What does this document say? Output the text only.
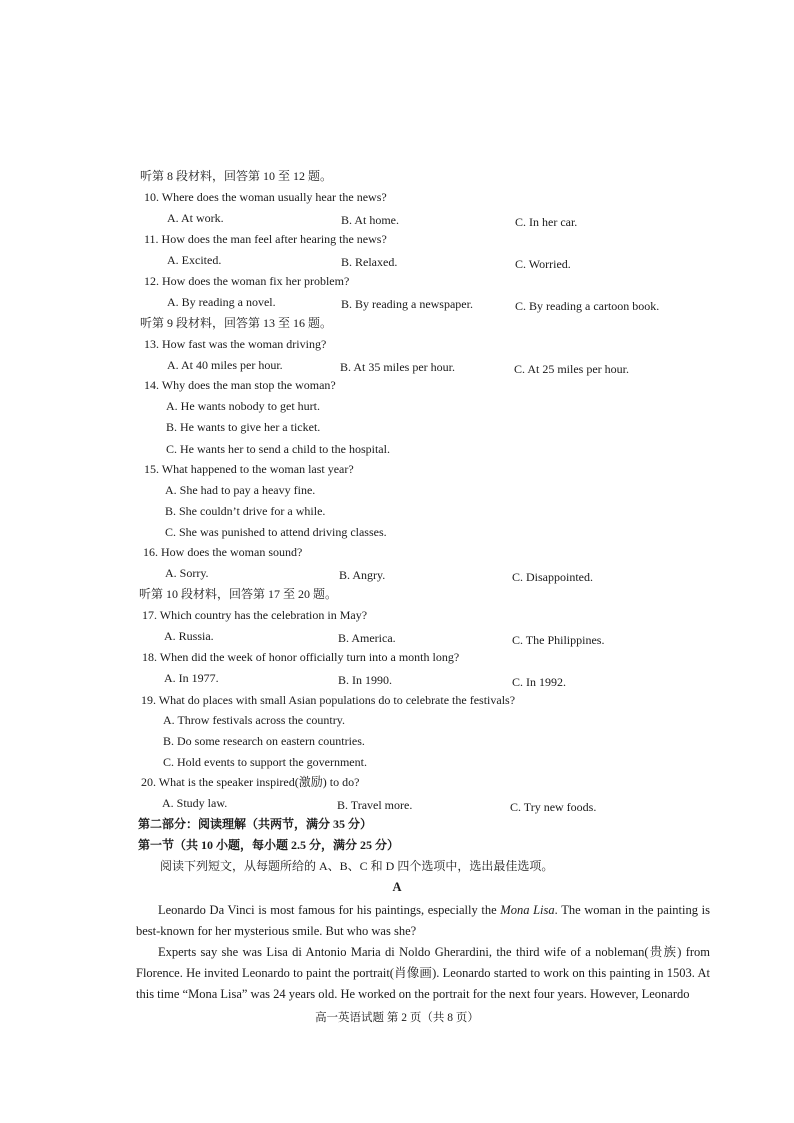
听第 8 段材料，回答第 10 至 12 题。
10. Where does the woman usually hear the news?
A. At work.	B. At home.	C. In her car.
11. How does the man feel after hearing the news?
A. Excited.	B. Relaxed.	C. Worried.
12. How does the woman fix her problem?
A. By reading a novel.	B. By reading a newspaper.	C. By reading a cartoon book.
听第 9 段材料，回答第 13 至 16 题。
13. How fast was the woman driving?
A. At 40 miles per hour.	B. At 35 miles per hour.	C. At 25 miles per hour.
14. Why does the man stop the woman?
A. He wants nobody to get hurt.
B. He wants to give her a ticket.
C. He wants her to send a child to the hospital.
15. What happened to the woman last year?
A. She had to pay a heavy fine.
B. She couldn’t drive for a while.
C. She was punished to attend driving classes.
16. How does the woman sound?
A. Sorry.	B. Angry.	C. Disappointed.
听第 10 段材料，回答第 17 至 20 题。
17. Which country has the celebration in May?
A. Russia.	B. America.	C. The Philippines.
18. When did the week of honor officially turn into a month long?
A. In 1977.	B. In 1990.	C. In 1992.
19. What do places with small Asian populations do to celebrate the festivals?
A. Throw festivals across the country.
B. Do some research on eastern countries.
C. Hold events to support the government.
20. What is the speaker inspired(激励) to do?
A. Study law.	B. Travel more.	C. Try new foods.
第二部分：阅读理解（共两节，满分 35 分）
第一节（共 10 小题，每小题 2.5 分，满分 25 分）
阅读下列短文，从每题所给的 A、B、C 和 D 四个选项中，选出最佳选项。
A
Leonardo Da Vinci is most famous for his paintings, especially the Mona Lisa. The woman in the painting is best-known for her mysterious smile. But who was she?
Experts say she was Lisa di Antonio Maria di Noldo Gherardini, the third wife of a nobleman(贵族) from Florence. He invited Leonardo to paint the portrait(肖像画). Leonardo started to work on this painting in 1503. At this time “Mona Lisa” was 24 years old. He worked on the portrait for the next four years. However, Leonardo
高一英语试题 第 2 页（共 8 页）
